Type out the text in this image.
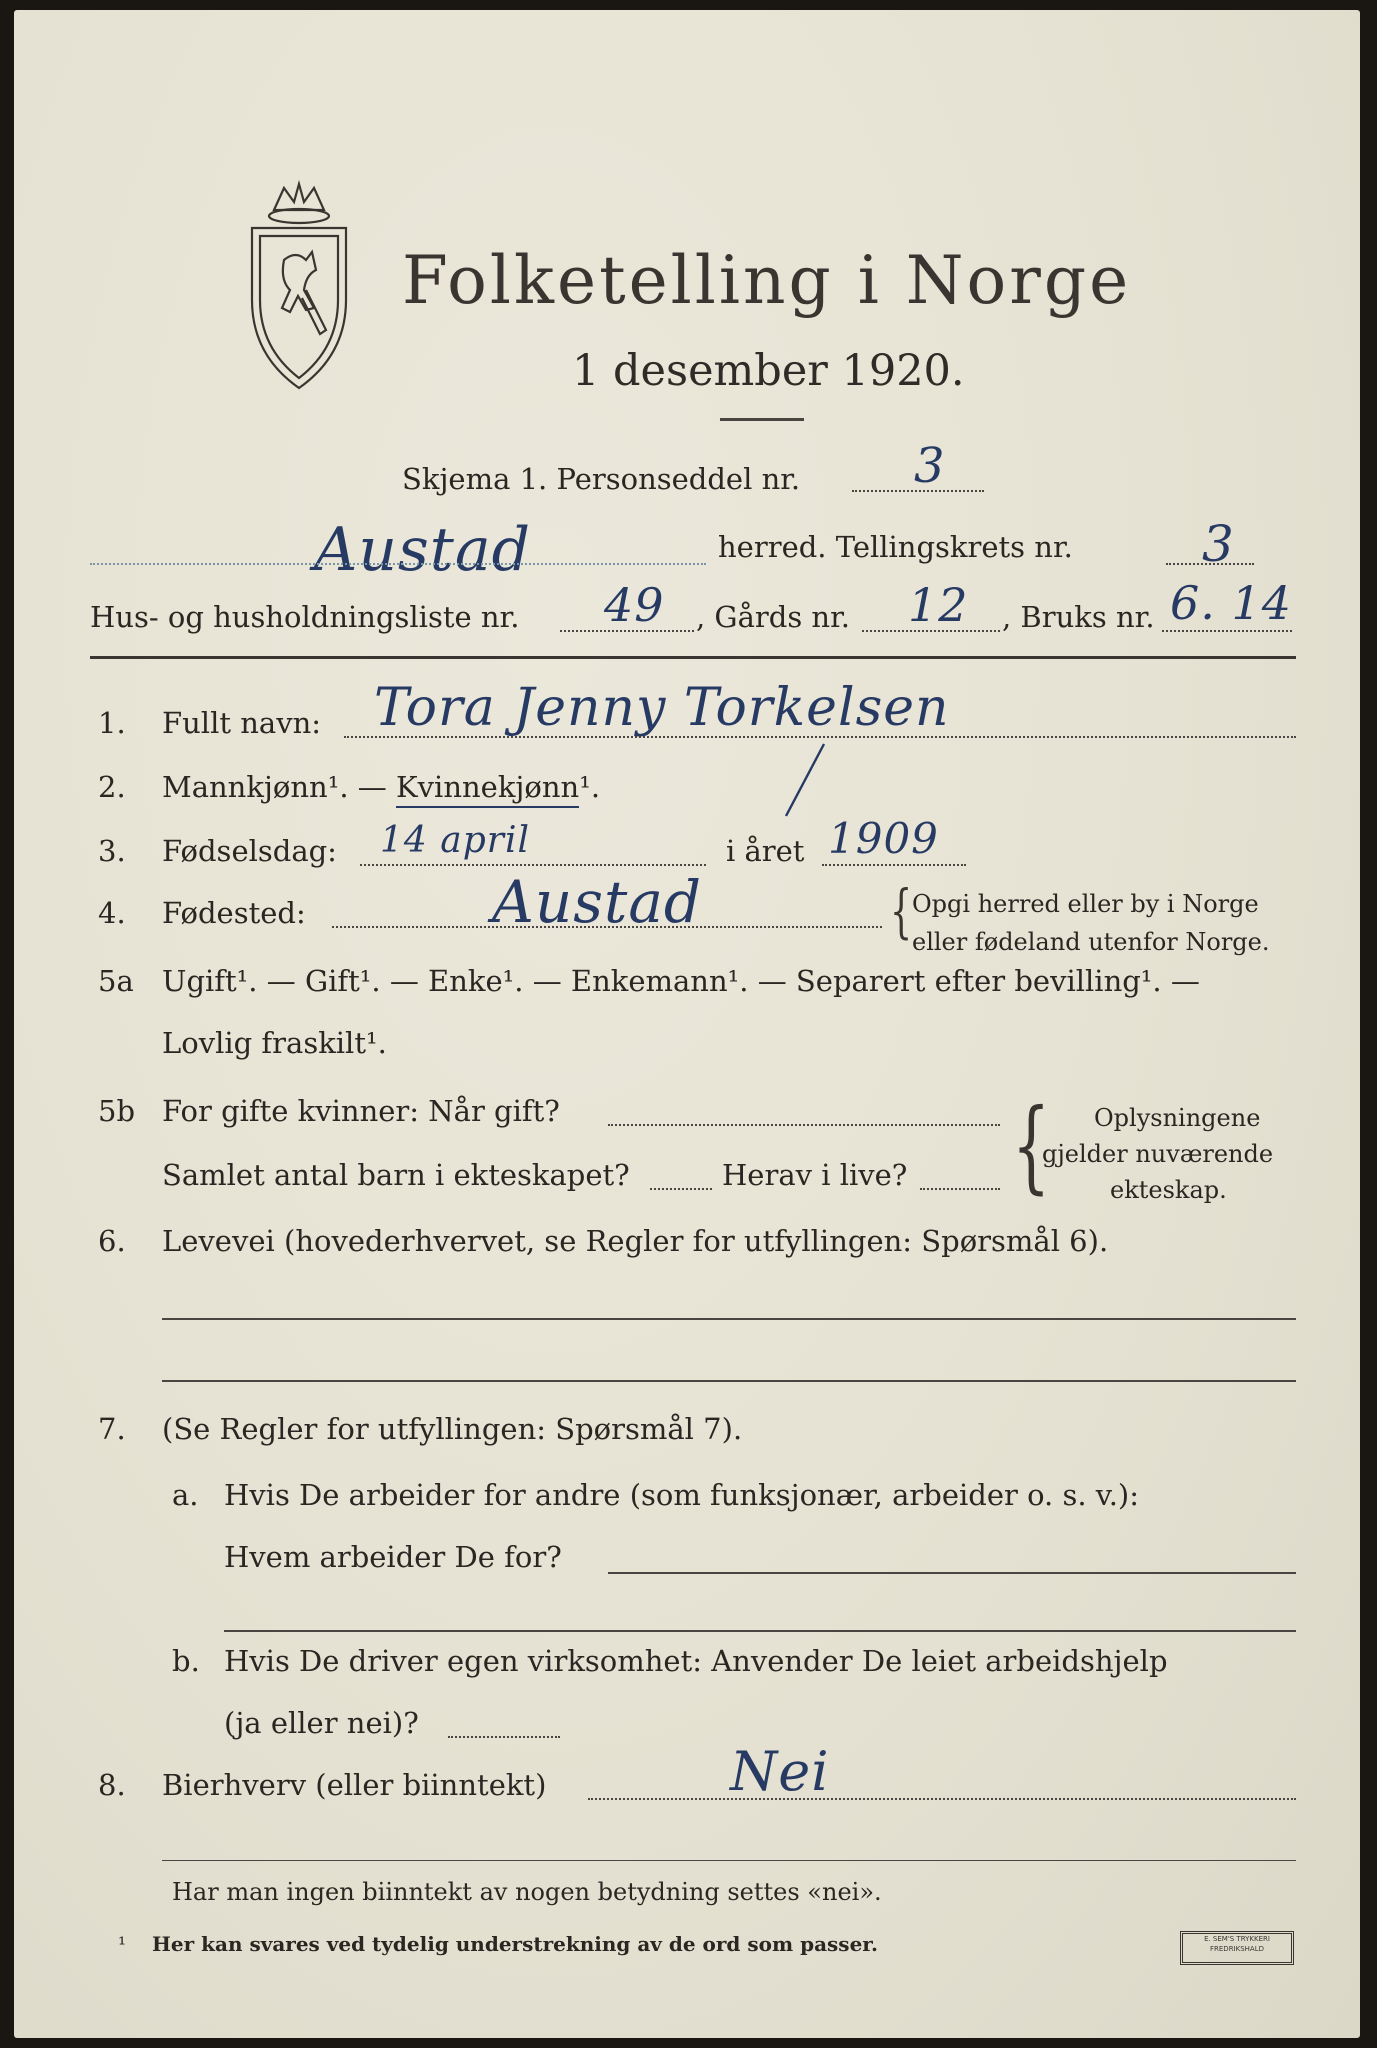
Folketelling i Norge
1 desember 1920.
Skjema 1. Personseddel nr. 3
Austad	herred. Tellingskrets nr.	3
Hus- og husholdningsliste nr. 49 , Gårds nr. 12 , Bruks nr. 6. 14
1. Fullt navn: Tora Jenny Torkelsen
2. Mannkjønn¹. — Kvinnekjønn¹.
3. Fødselsdag: 14 april	i året 1909
4. Fødested:	Austad	{ Opgi herred eller by i Norge
eller fødeland utenfor Norge.
5a Ugift¹. — Gift¹. — Enke¹. — Enkemann¹. — Separert efter bevilling¹. —
Lovlig fraskilt¹.
5b For gifte kvinner: Når gift?
Samlet antal barn i ekteskapet?	Herav i live? { Oplysningene
gjelder nuværende
ekteskap.
6. Levevei (hovederhvervet, se Regler for utfyllingen: Spørsmål 6).
7. (Se Regler for utfyllingen: Spørsmål 7).
a. Hvis De arbeider for andre (som funksjonær, arbeider o. s. v.):
Hvem arbeider De for?
b. Hvis De driver egen virksomhet: Anvender De leiet arbeidshjelp
(ja eller nei)?
8. Bierhverv (eller biinntekt)	Nei
Har man ingen biinntekt av nogen betydning settes «nei».
¹ Her kan svares ved tydelig understrekning av de ord som passer.	E. SEM'S TRYKKERI
FREDRIKSHALD
